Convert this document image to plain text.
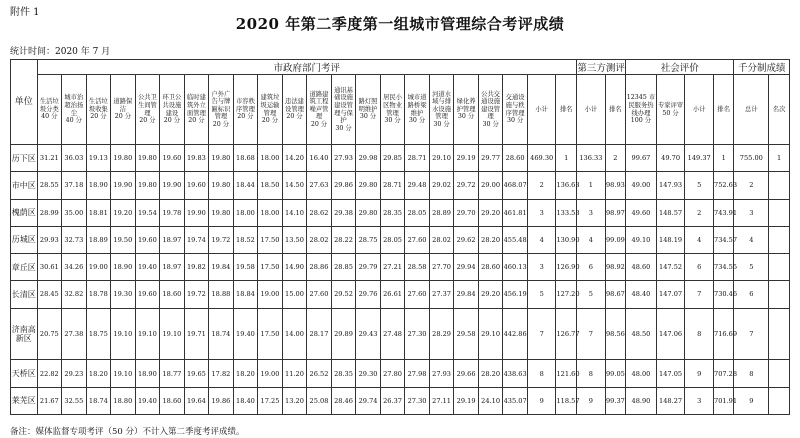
附件 1
2020 年第二季度第一组城市管理综合考评成绩
统计时间：2020 年 7 月
单位	市政府部门考评																						第三方测评		社会评价				千分制成绩	

	生活垃圾分类
40 分	城市治超治扬尘
40 分	生活垃圾收集
20 分	道路保洁
20 分	公共卫生间管理
20 分	环卫公共设施建设
20 分	临时建筑外立面管理
20 分	户外广告与牌匾标识管理
20 分	市容秩序管理
20 分	建筑垃圾运输管理
20 分	违法建设管理
20 分	道路建筑工程噪声管理
20 分	通讯基础设施建设管理与保护
30 分	路灯照明维护
30 分	居民小区物业管理
30 分	城市道路桥梁维护
30 分	河道水域与排水设施管理
30 分	绿化养护管理
30 分	公共交通设施建设管理
30 分	交通设施与秩序管理
30 分	小计	排名	小计	排名	12345 市民服务热线办理
100 分	专家评审
50 分	小计	排名	总计	名次

历下区	31.21	36.03	19.13	19.80	19.80	19.60	19.83	19.80	18.68	18.00	14.20	16.40	27.93	29.98	29.85	28.71	29.10	29.19	29.77	28.60	469.30	1	136.33	2	99.67	49.70	149.37	1	755.00	1
市中区	28.55	37.18	18.90	19.90	19.80	19.90	19.60	19.80	18.44	18.50	14.50	27.63	29.86	29.80	28.71	29.48	29.02	29.72	29.00	468.07	2	136.63	1	98.93	49.00	147.93	5	752.63	2	
槐荫区	28.99	35.00	18.81	19.20	19.54	19.78	19.90	19.80	18.00	18.00	14.10	28.62	29.38	29.80	28.35	28.05	28.89	29.70	29.20	461.81	3	133.53	3	98.97	49.60	148.57	2	743.91	3	
历城区	29.93	32.73	18.89	19.50	19.60	18.97	19.74	19.72	18.52	17.50	13.50	28.02	28.22	28.75	28.05	27.60	28.02	29.62	28.20	455.48	4	130.90	4	99.09	49.10	148.19	4	734.57	4	
章丘区	30.61	34.26	19.00	18.90	19.40	18.97	19.82	19.84	19.58	17.50	14.90	28.86	28.85	29.79	27.21	28.58	27.70	29.94	28.60	460.13	3	126.90	6	98.92	48.60	147.52	6	734.55	5	
长清区	28.45	32.82	18.78	19.30	19.60	18.60	19.72	18.88	18.84	19.00	15.00	27.60	29.52	29.76	26.61	27.60	27.37	29.84	29.20	456.19	5	127.20	5	98.67	48.40	147.07	7	730.46	6	
济南高新区	20.75	27.38	18.75	19.10	19.10	19.10	19.71	18.74	19.40	17.50	14.00	28.17	29.89	29.43	27.48	27.30	28.29	29.58	29.10	442.86	7	126.77	7	98.56	48.50	147.06	8	716.69	7	
天桥区	22.82	29.23	18.20	19.10	18.90	18.77	19.65	17.82	18.20	19.00	11.20	26.52	28.35	29.30	27.80	27.98	27.93	29.66	28.20	438.63	8	121.60	8	99.05	48.00	147.05	9	707.28	8	
莱芜区	21.67	32.55	18.74	18.80	19.40	18.60	19.64	19.86	18.40	17.25	13.20	25.08	28.46	29.74	26.37	27.30	27.11	29.19	24.10	435.07	9	118.57	9	99.37	48.90	148.27	3	701.91	9	
备注：媒体监督专项考评（50 分）不计入第二季度考评成绩。
